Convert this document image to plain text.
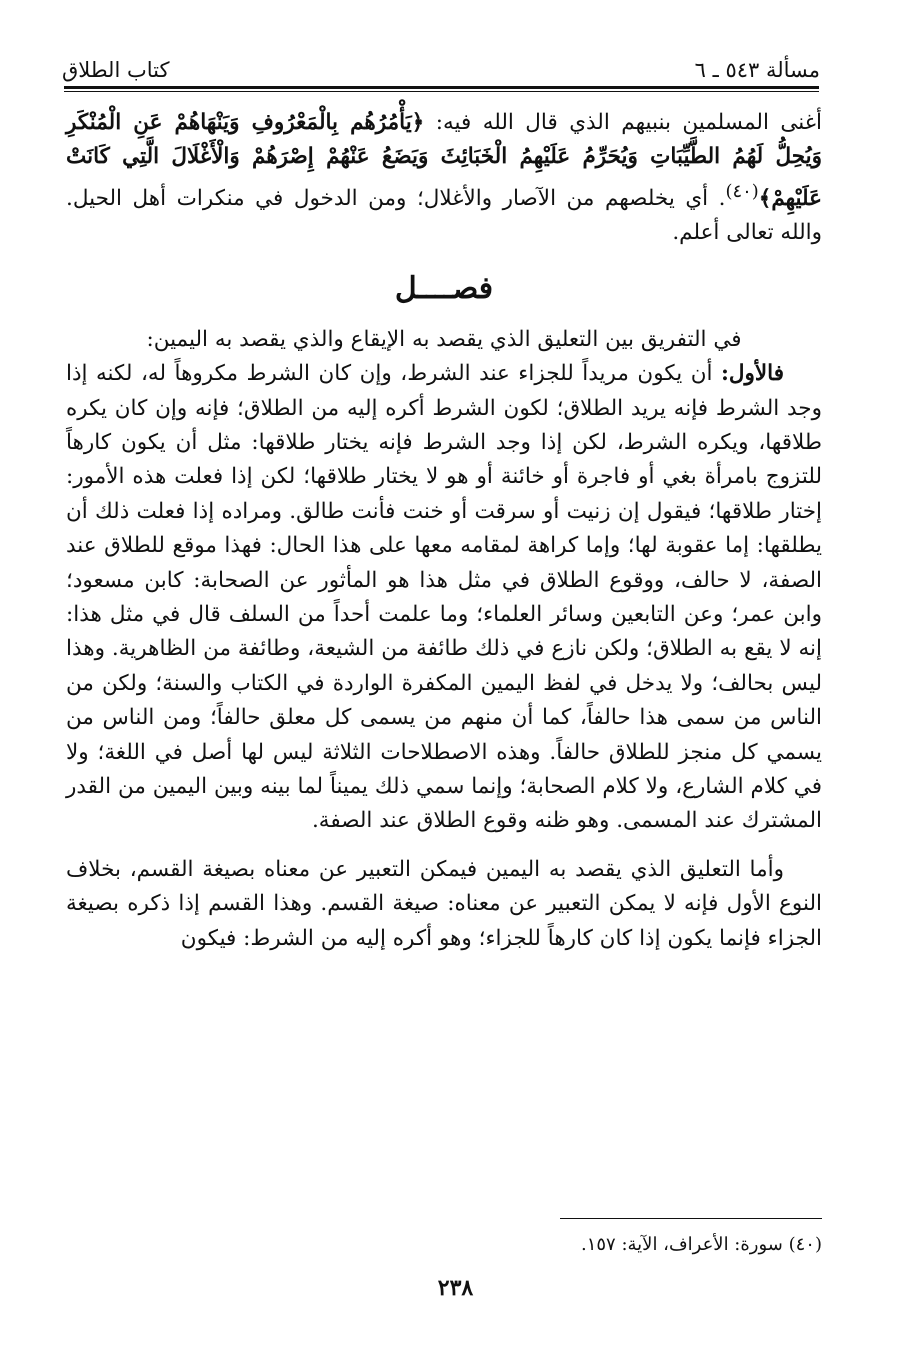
مسألة ٥٤٣ ـ ٦
كتاب الطلاق

أغنى المسلمين بنبيهم الذي قال الله فيه: ﴿يَأْمُرُهُم بِالْمَعْرُوفِ وَيَنْهَاهُمْ عَنِ الْمُنْكَرِ وَيُحِلُّ لَهُمُ الطَّيِّبَاتِ وَيُحَرِّمُ عَلَيْهِمُ الْخَبَائِثَ وَيَضَعُ عَنْهُمْ إِصْرَهُمْ وَالْأَغْلَالَ الَّتِي كَانَتْ عَلَيْهِمْ﴾$^{(٤٠)}$. أي يخلصهم من الآصار والأغلال؛ ومن الدخول في منكرات أهل الحيل. والله تعالى أعلم.

فصــــل

في التفريق بين التعليق الذي يقصد به الإيقاع والذي يقصد به اليمين:

فالأول: أن يكون مريداً للجزاء عند الشرط، وإن كان الشرط مكروهاً له، لكنه إذا وجد الشرط فإنه يريد الطلاق؛ لكون الشرط أكره إليه من الطلاق؛ فإنه وإن كان يكره طلاقها، ويكره الشرط، لكن إذا وجد الشرط فإنه يختار طلاقها: مثل أن يكون كارهاً للتزوج بامرأة بغي أو فاجرة أو خائنة أو هو لا يختار طلاقها؛ لكن إذا فعلت هذه الأمور: إختار طلاقها؛ فيقول إن زنيت أو سرقت أو خنت فأنت طالق. ومراده إذا فعلت ذلك أن يطلقها: إما عقوبة لها؛ وإما كراهة لمقامه معها على هذا الحال: فهذا موقع للطلاق عند الصفة، لا حالف، ووقوع الطلاق في مثل هذا هو المأثور عن الصحابة: كابن مسعود؛ وابن عمر؛ وعن التابعين وسائر العلماء؛ وما علمت أحداً من السلف قال في مثل هذا: إنه لا يقع به الطلاق؛ ولكن نازع في ذلك طائفة من الشيعة، وطائفة من الظاهرية. وهذا ليس بحالف؛ ولا يدخل في لفظ اليمين المكفرة الواردة في الكتاب والسنة؛ ولكن من الناس من سمى هذا حالفاً، كما أن منهم من يسمى كل معلق حالفاً؛ ومن الناس من يسمي كل منجز للطلاق حالفاً. وهذه الاصطلاحات الثلاثة ليس لها أصل في اللغة؛ ولا في كلام الشارع، ولا كلام الصحابة؛ وإنما سمي ذلك يميناً لما بينه وبين اليمين من القدر المشترك عند المسمى. وهو ظنه وقوع الطلاق عند الصفة.

وأما التعليق الذي يقصد به اليمين فيمكن التعبير عن معناه بصيغة القسم، بخلاف النوع الأول فإنه لا يمكن التعبير عن معناه: صيغة القسم. وهذا القسم إذا ذكره بصيغة الجزاء فإنما يكون إذا كان كارهاً للجزاء؛ وهو أكره إليه من الشرط: فيكون

(٤٠) سورة: الأعراف، الآية: ١٥٧.
٢٣٨
